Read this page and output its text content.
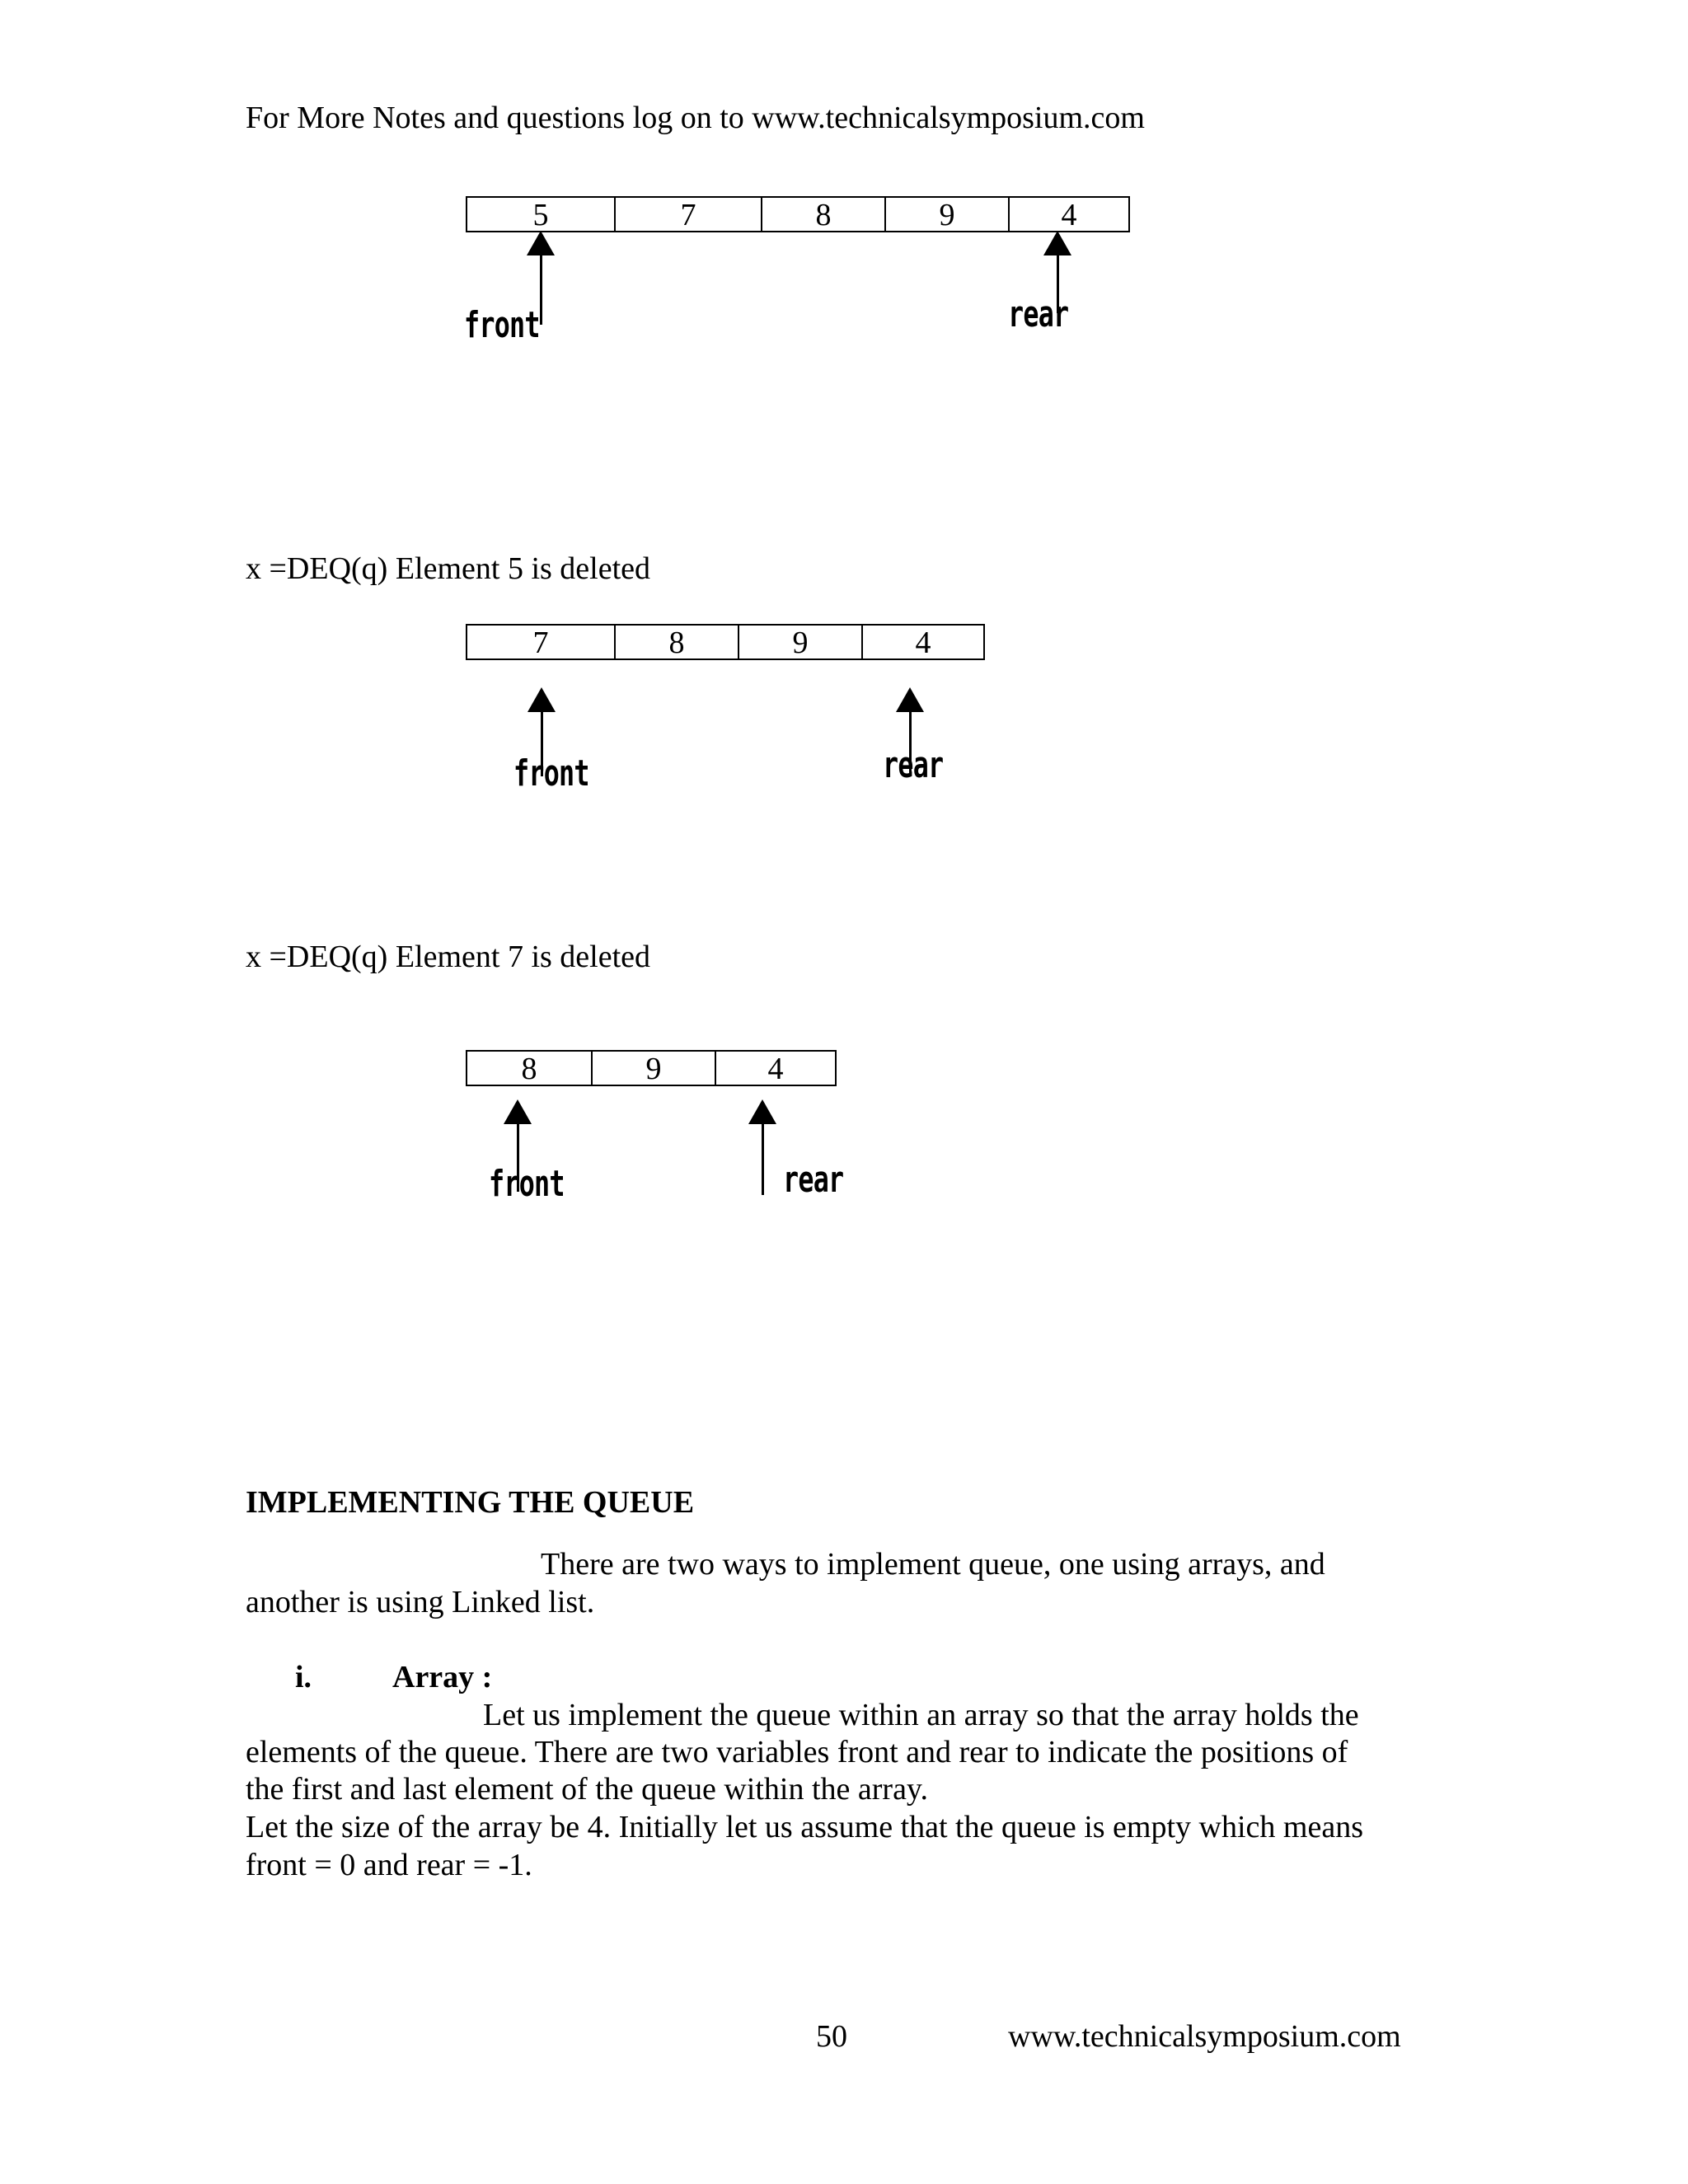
For More Notes and questions log on to www.technicalsymposium.com
5	7	8	9	4
front	rear
x =DEQ(q) Element 5 is deleted
7	8	9	4
front	rear
x =DEQ(q) Element 7 is deleted
8	9	4
front	rear
IMPLEMENTING THE QUEUE
There are two ways to implement queue, one using arrays, and
another is using Linked list.
i.	Array :
Let us implement the queue within an array so that the array holds the
elements of the queue. There are two variables front and rear to indicate the positions of
the first and last element of the queue within the array.
Let the size of the array be 4. Initially let us assume that the queue is empty which means
front = 0 and rear = -1.
50	www.technicalsymposium.com
